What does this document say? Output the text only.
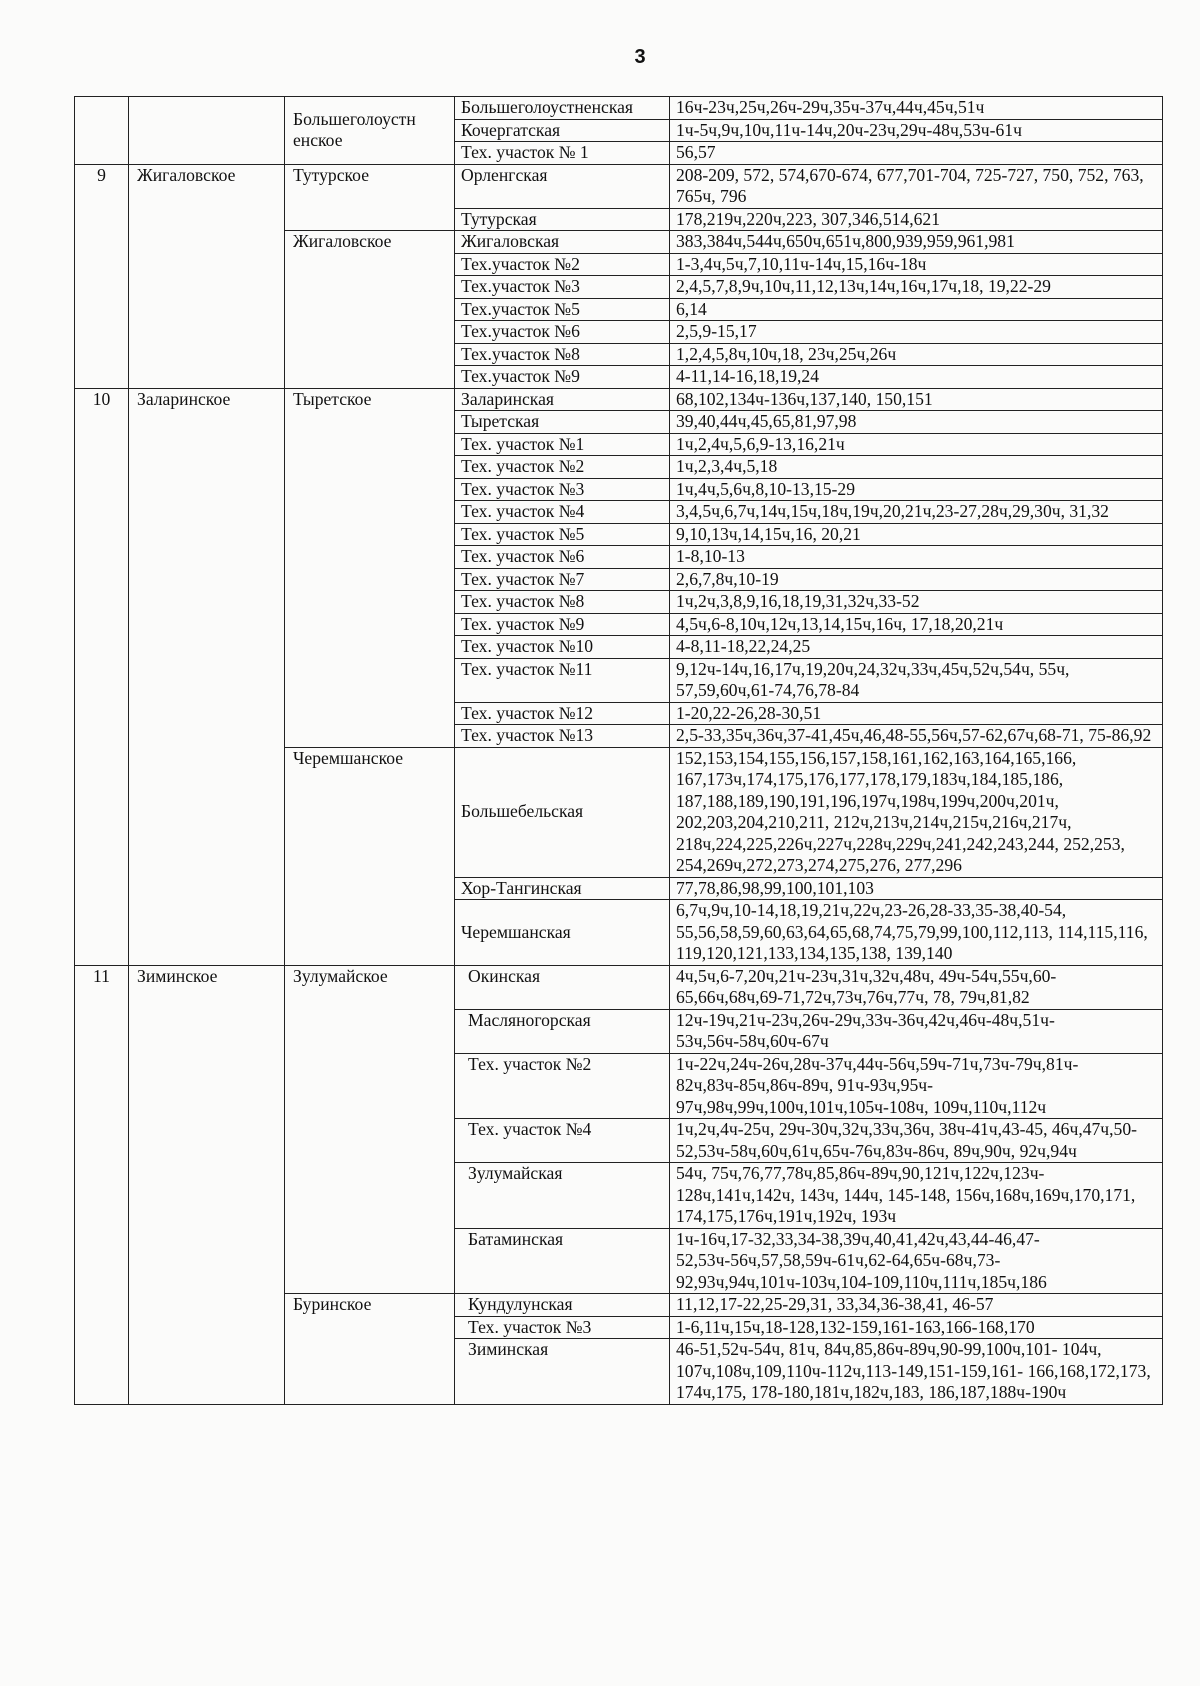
3
		Большеголоустн енское	Большеголоустненская	16ч-23ч,25ч,26ч-29ч,35ч-37ч,44ч,45ч,51ч
			Кочергатская	1ч-5ч,9ч,10ч,11ч-14ч,20ч-23ч,29ч-48ч,53ч-61ч
			Тех. участок № 1	56,57
9	Жигаловское	Тутурское	Орленгская	208-209, 572, 574,670-674, 677,701-704, 725-727, 750, 752, 763, 765ч, 796
			Тутурская	178,219ч,220ч,223, 307,346,514,621
		Жигаловское	Жигаловская	383,384ч,544ч,650ч,651ч,800,939,959,961,981
			Тех.участок №2	1-3,4ч,5ч,7,10,11ч-14ч,15,16ч-18ч
			Тех.участок №3	2,4,5,7,8,9ч,10ч,11,12,13ч,14ч,16ч,17ч,18, 19,22-29
			Тех.участок №5	6,14
			Тех.участок №6	2,5,9-15,17
			Тех.участок №8	1,2,4,5,8ч,10ч,18, 23ч,25ч,26ч
			Тех.участок №9	4-11,14-16,18,19,24
10	Заларинское	Тыретское	Заларинская	68,102,134ч-136ч,137,140, 150,151
			Тыретская	39,40,44ч,45,65,81,97,98
			Тех. участок №1	1ч,2,4ч,5,6,9-13,16,21ч
			Тех. участок №2	1ч,2,3,4ч,5,18
			Тех. участок №3	1ч,4ч,5,6ч,8,10-13,15-29
			Тех. участок №4	3,4,5ч,6,7ч,14ч,15ч,18ч,19ч,20,21ч,23-27,28ч,29,30ч, 31,32
			Тех. участок №5	9,10,13ч,14,15ч,16, 20,21
			Тех. участок №6	1-8,10-13
			Тех. участок №7	2,6,7,8ч,10-19
			Тех. участок №8	1ч,2ч,3,8,9,16,18,19,31,32ч,33-52
			Тех. участок №9	4,5ч,6-8,10ч,12ч,13,14,15ч,16ч, 17,18,20,21ч
			Тех. участок №10	4-8,11-18,22,24,25
			Тех. участок №11	9,12ч-14ч,16,17ч,19,20ч,24,32ч,33ч,45ч,52ч,54ч, 55ч, 57,59,60ч,61-74,76,78-84
			Тех. участок №12	1-20,22-26,28-30,51
			Тех. участок №13	2,5-33,35ч,36ч,37-41,45ч,46,48-55,56ч,57-62,67ч,68-71, 75-86,92
		Черемшанское	Большебельская	152,153,154,155,156,157,158,161,162,163,164,165,166, 167,173ч,174,175,176,177,178,179,183ч,184,185,186, 187,188,189,190,191,196,197ч,198ч,199ч,200ч,201ч, 202,203,204,210,211, 212ч,213ч,214ч,215ч,216ч,217ч, 218ч,224,225,226ч,227ч,228ч,229ч,241,242,243,244, 252,253, 254,269ч,272,273,274,275,276, 277,296
			Хор-Тангинская	77,78,86,98,99,100,101,103
			Черемшанская	6,7ч,9ч,10-14,18,19,21ч,22ч,23-26,28-33,35-38,40-54, 55,56,58,59,60,63,64,65,68,74,75,79,99,100,112,113, 114,115,116, 119,120,121,133,134,135,138, 139,140
11	Зиминское	Зулумайское	Окинская	4ч,5ч,6-7,20ч,21ч-23ч,31ч,32ч,48ч, 49ч-54ч,55ч,60- 65,66ч,68ч,69-71,72ч,73ч,76ч,77ч, 78, 79ч,81,82
			Масляногорская	12ч-19ч,21ч-23ч,26ч-29ч,33ч-36ч,42ч,46ч-48ч,51ч- 53ч,56ч-58ч,60ч-67ч
			Тех. участок №2	1ч-22ч,24ч-26ч,28ч-37ч,44ч-56ч,59ч-71ч,73ч-79ч,81ч- 82ч,83ч-85ч,86ч-89ч, 91ч-93ч,95ч- 97ч,98ч,99ч,100ч,101ч,105ч-108ч, 109ч,110ч,112ч
			Тех. участок №4	1ч,2ч,4ч-25ч, 29ч-30ч,32ч,33ч,36ч, 38ч-41ч,43-45, 46ч,47ч,50-52,53ч-58ч,60ч,61ч,65ч-76ч,83ч-86ч, 89ч,90ч, 92ч,94ч
			Зулумайская	54ч, 75ч,76,77,78ч,85,86ч-89ч,90,121ч,122ч,123ч- 128ч,141ч,142ч, 143ч, 144ч, 145-148, 156ч,168ч,169ч,170,171, 174,175,176ч,191ч,192ч, 193ч
			Батаминская	1ч-16ч,17-32,33,34-38,39ч,40,41,42ч,43,44-46,47- 52,53ч-56ч,57,58,59ч-61ч,62-64,65ч-68ч,73- 92,93ч,94ч,101ч-103ч,104-109,110ч,111ч,185ч,186
		Буринское	Кундулунская	11,12,17-22,25-29,31, 33,34,36-38,41, 46-57
			Тех. участок №3	1-6,11ч,15ч,18-128,132-159,161-163,166-168,170
			Зиминская	46-51,52ч-54ч, 81ч, 84ч,85,86ч-89ч,90-99,100ч,101- 104ч, 107ч,108ч,109,110ч-112ч,113-149,151-159,161- 166,168,172,173, 174ч,175, 178-180,181ч,182ч,183, 186,187,188ч-190ч
